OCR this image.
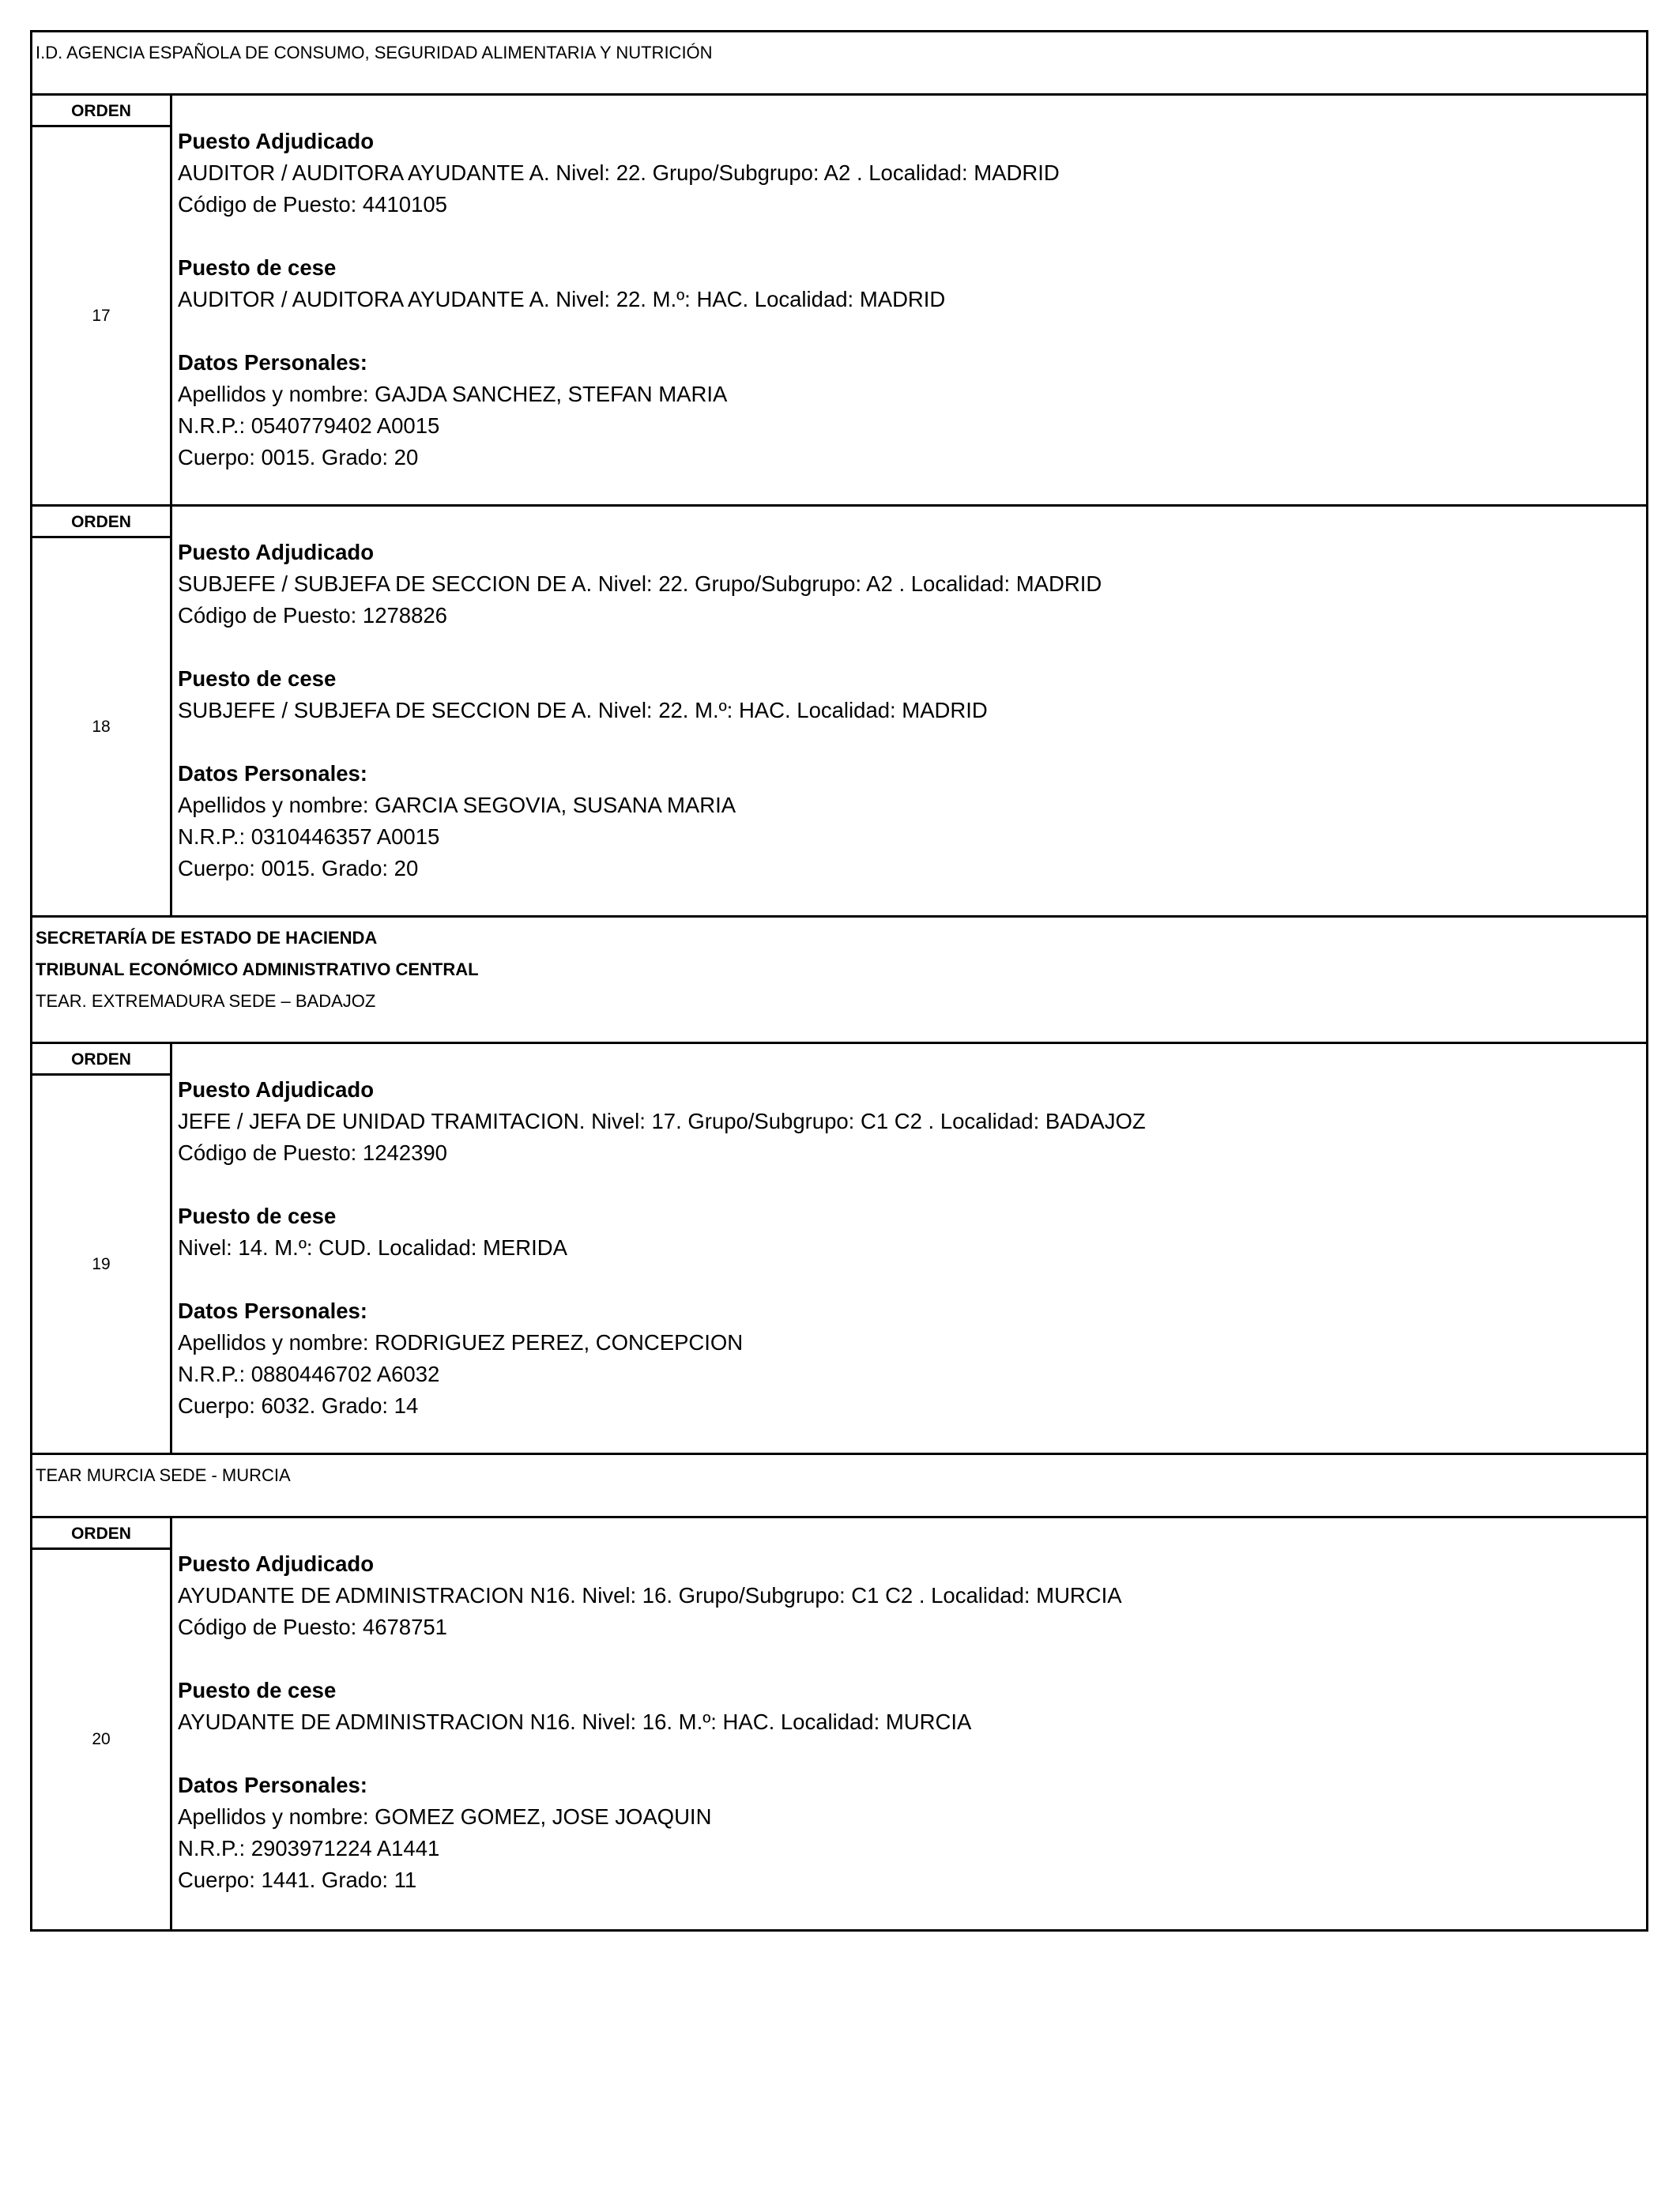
I.D. AGENCIA ESPAÑOLA DE CONSUMO, SEGURIDAD ALIMENTARIA Y NUTRICIÓN
ORDEN
17
Puesto Adjudicado
AUDITOR / AUDITORA AYUDANTE A. Nivel: 22. Grupo/Subgrupo: A2 . Localidad: MADRID
Código de Puesto: 4410105
Puesto de cese
AUDITOR / AUDITORA AYUDANTE A. Nivel: 22. M.º: HAC. Localidad: MADRID
Datos Personales:
Apellidos y nombre: GAJDA SANCHEZ, STEFAN MARIA
N.R.P.: 0540779402 A0015
Cuerpo: 0015. Grado: 20
ORDEN
18
Puesto Adjudicado
SUBJEFE / SUBJEFA DE SECCION DE A. Nivel: 22. Grupo/Subgrupo: A2 . Localidad: MADRID
Código de Puesto: 1278826
Puesto de cese
SUBJEFE / SUBJEFA DE SECCION DE A. Nivel: 22. M.º: HAC. Localidad: MADRID
Datos Personales:
Apellidos y nombre: GARCIA SEGOVIA, SUSANA MARIA
N.R.P.: 0310446357 A0015
Cuerpo: 0015. Grado: 20
SECRETARÍA DE ESTADO DE HACIENDA
TRIBUNAL ECONÓMICO ADMINISTRATIVO CENTRAL
TEAR. EXTREMADURA SEDE – BADAJOZ
ORDEN
19
Puesto Adjudicado
JEFE / JEFA DE UNIDAD TRAMITACION. Nivel: 17. Grupo/Subgrupo: C1 C2 . Localidad: BADAJOZ
Código de Puesto: 1242390
Puesto de cese
Nivel: 14. M.º: CUD. Localidad: MERIDA
Datos Personales:
Apellidos y nombre: RODRIGUEZ PEREZ, CONCEPCION
N.R.P.: 0880446702 A6032
Cuerpo: 6032. Grado: 14
TEAR MURCIA SEDE - MURCIA
ORDEN
20
Puesto Adjudicado
AYUDANTE DE ADMINISTRACION N16. Nivel: 16. Grupo/Subgrupo: C1 C2 . Localidad: MURCIA
Código de Puesto: 4678751
Puesto de cese
AYUDANTE DE ADMINISTRACION N16. Nivel: 16. M.º: HAC. Localidad: MURCIA
Datos Personales:
Apellidos y nombre: GOMEZ GOMEZ, JOSE JOAQUIN
N.R.P.: 2903971224 A1441
Cuerpo: 1441. Grado: 11
